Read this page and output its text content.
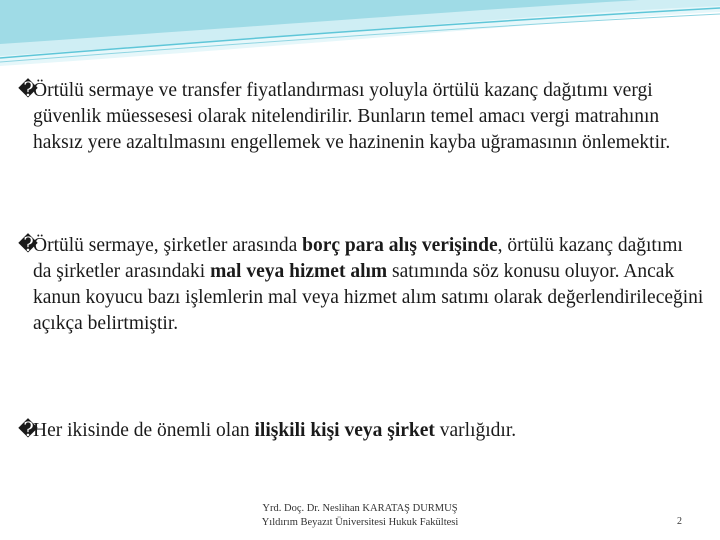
�Örtülü sermaye ve transfer fiyatlandırması yoluyla örtülü kazanç dağıtımı vergi güvenlik müessesesi olarak nitelendirilir. Bunların temel amacı vergi matrahının haksız yere azaltılmasını engellemek ve hazinenin kayba uğramasının önlemektir.
�Örtülü sermaye, şirketler arasında borç para alış verişinde, örtülü kazanç dağıtımı da şirketler arasındaki mal veya hizmet alım satımında söz konusu oluyor. Ancak kanun koyucu bazı işlemlerin mal veya hizmet alım satımı olarak değerlendirileceğini açıkça belirtmiştir.
�Her ikisinde de önemli olan ilişkili kişi veya şirket varlığıdır.
Yrd. Doç. Dr. Neslihan KARATAŞ DURMUŞ
Yıldırım Beyazıt Üniversitesi Hukuk Fakültesi	2
